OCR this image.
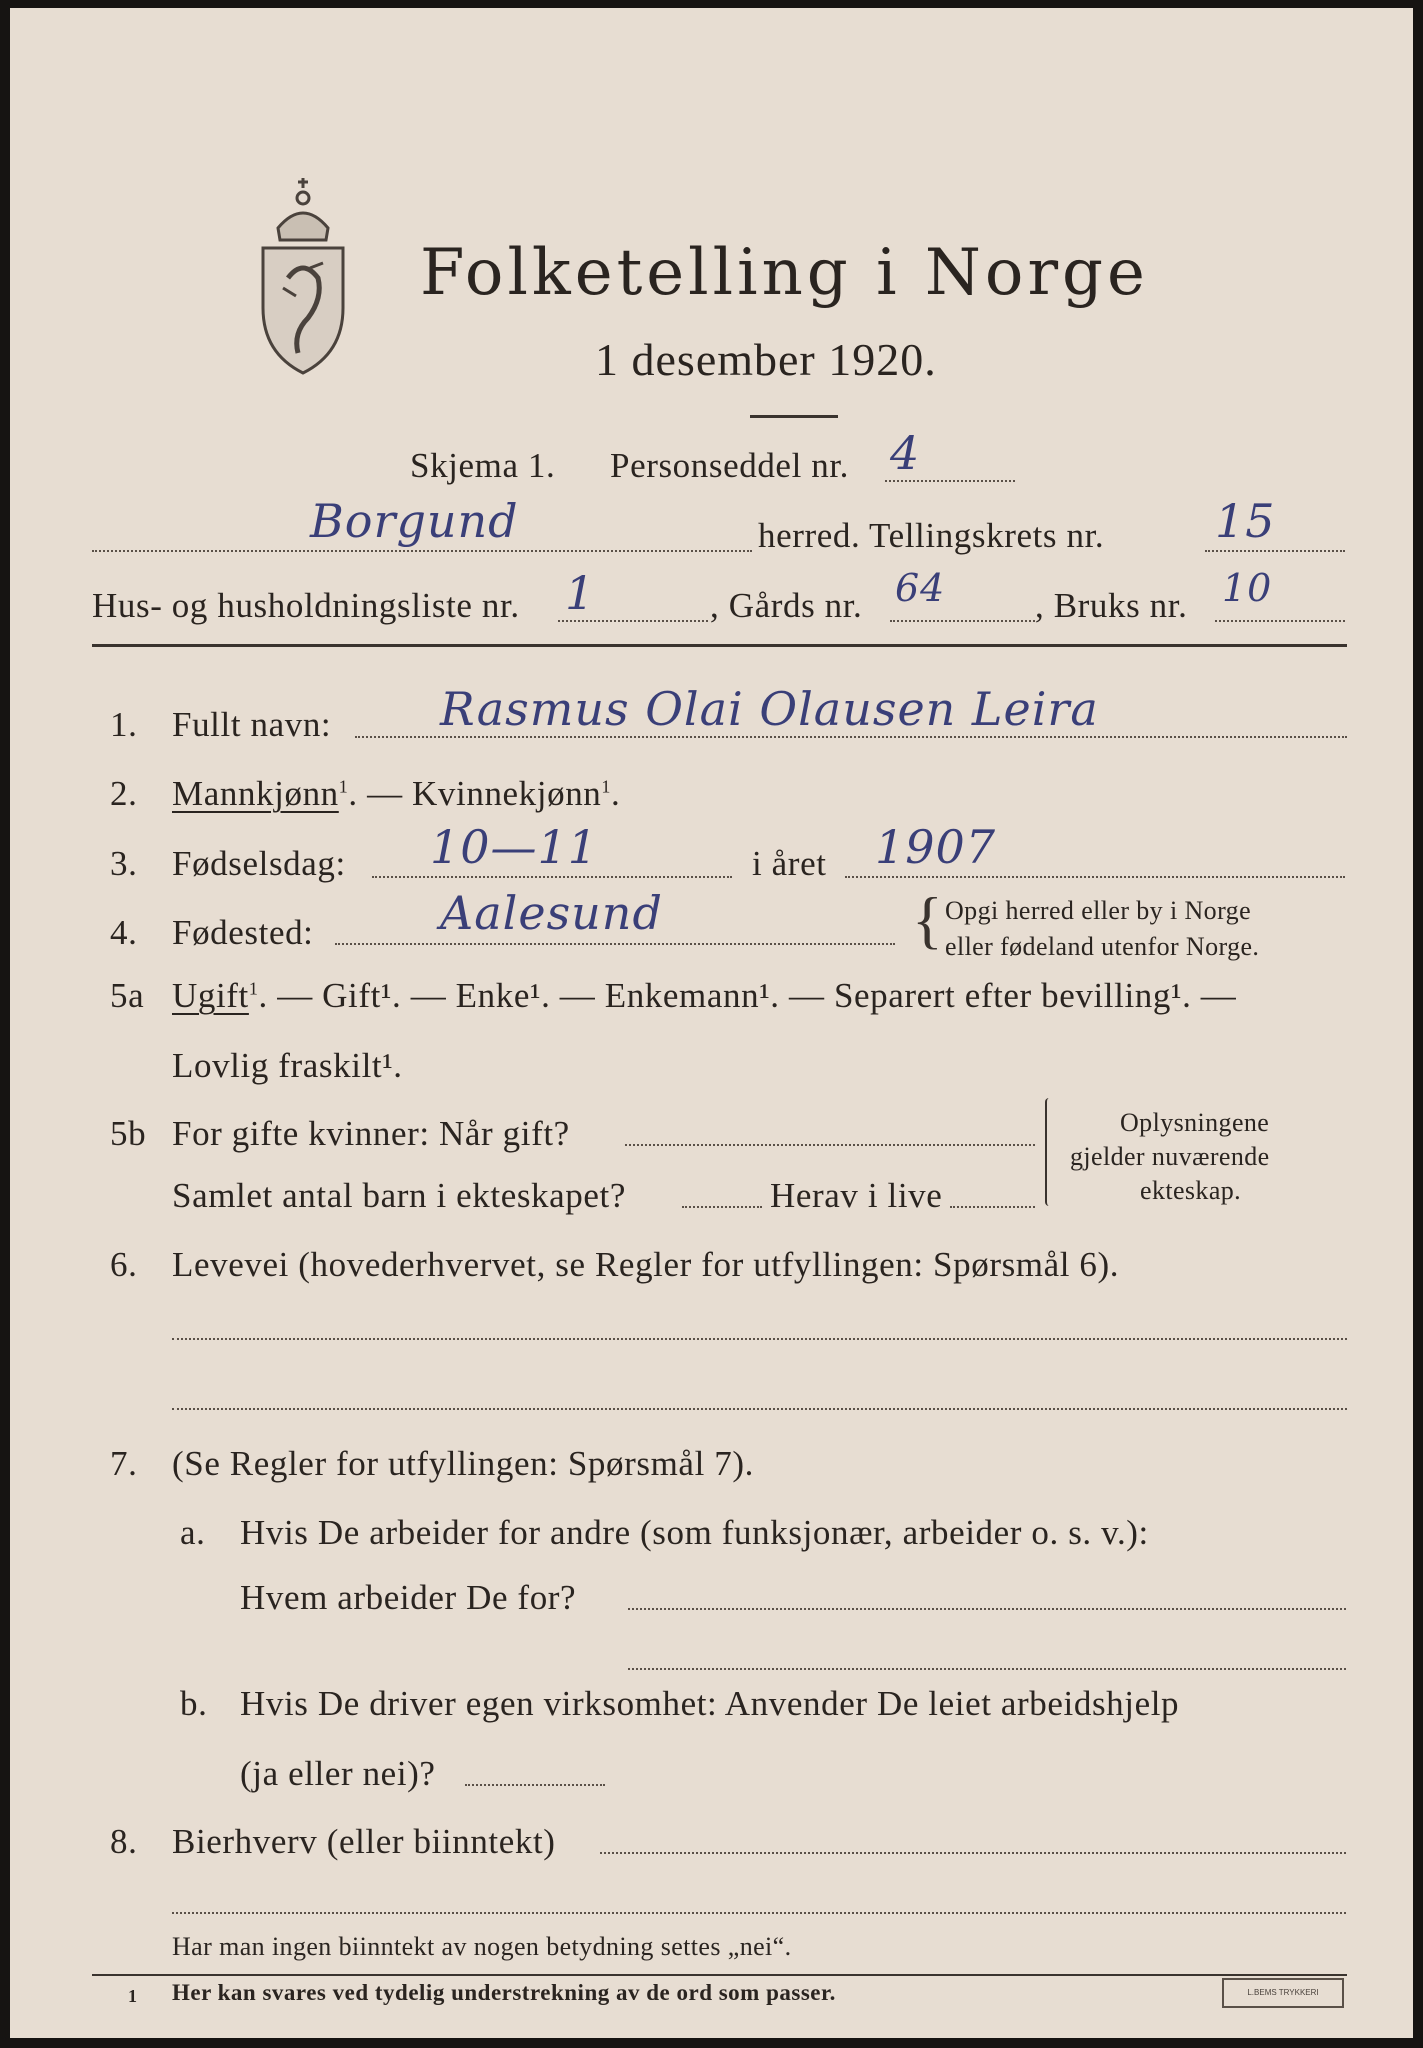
Folketelling i Norge
1 desember 1920.
Skjema 1. Personseddel nr. 4
Borgund	herred. Tellingskrets nr. 15
Hus- og husholdningsliste nr. 1	, Gårds nr. 64	, Bruks nr. 10
1. Fullt navn: Rasmus Olai Olausen Leira
2. Mannkjønn$^1$. — Kvinnekjønn$^1$.
3. Fødselsdag: 10—11	i året 1907
4. Fødested:	Aalesund	{ Opgi herred eller by i Norge
eller fødeland utenfor Norge.
5a Ugift$^1$. — Gift¹. — Enke¹. — Enkemann¹. — Separert efter bevilling¹. —
Lovlig fraskilt¹.
5b For gifte kvinner: Når gift?
Samlet antal barn i ekteskapet?	Herav i live
Oplysningene
gjelder nuværende
ekteskap.
6. Levevei (hovederhvervet, se Regler for utfyllingen: Spørsmål 6).
7. (Se Regler for utfyllingen: Spørsmål 7).
a. Hvis De arbeider for andre (som funksjonær, arbeider o. s. v.):
Hvem arbeider De for?
b. Hvis De driver egen virksomhet: Anvender De leiet arbeidshjelp
(ja eller nei)?
8. Bierhverv (eller biinntekt)
Har man ingen biinntekt av nogen betydning settes „nei“.
1 Her kan svares ved tydelig understrekning av de ord som passer.	L.BEMS TRYKKERI
